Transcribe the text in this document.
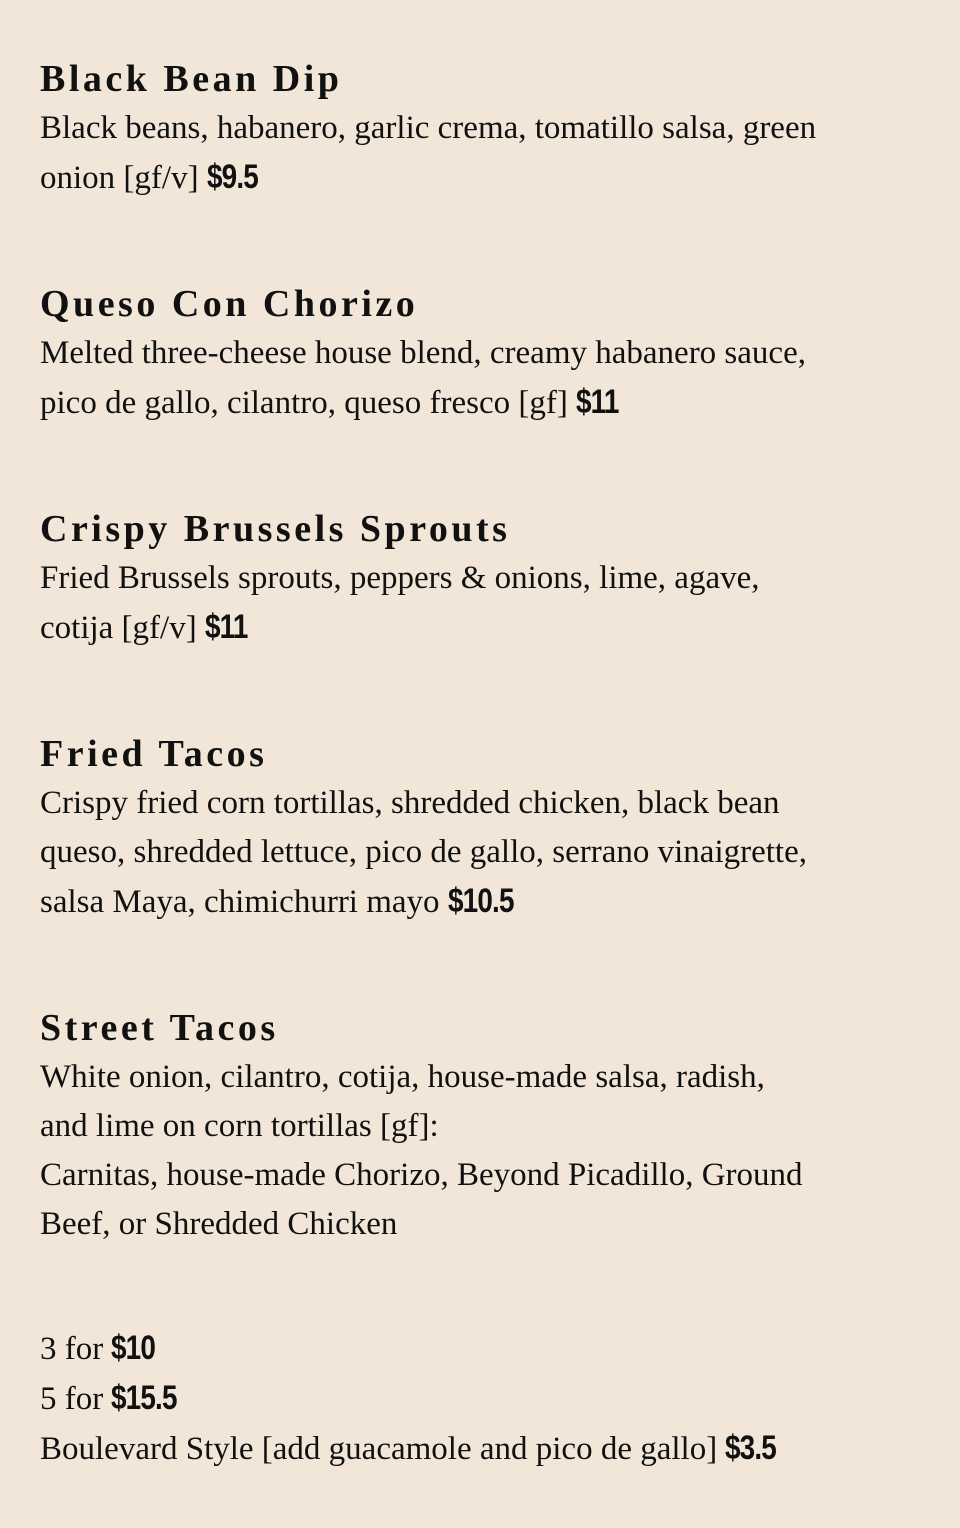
Black Bean Dip

Black beans, habanero, garlic crema, tomatillo salsa, green
onion [gf/v] $9.5

Queso Con Chorizo

Melted three-cheese house blend, creamy habanero sauce,
pico de gallo, cilantro, queso fresco [gf] $11

Crispy Brussels Sprouts

Fried Brussels sprouts, peppers & onions, lime, agave,
cotija [gf/v] $11

Fried Tacos

Crispy fried corn tortillas, shredded chicken, black bean
queso, shredded lettuce, pico de gallo, serrano vinaigrette,
salsa Maya, chimichurri mayo $10.5

Street Tacos

White onion, cilantro, cotija, house-made salsa, radish,
and lime on corn tortillas [gf]:
Carnitas, house-made Chorizo, Beyond Picadillo, Ground
Beef, or Shredded Chicken

3 for $10
5 for $15.5
Boulevard Style [add guacamole and pico de gallo] $3.5
